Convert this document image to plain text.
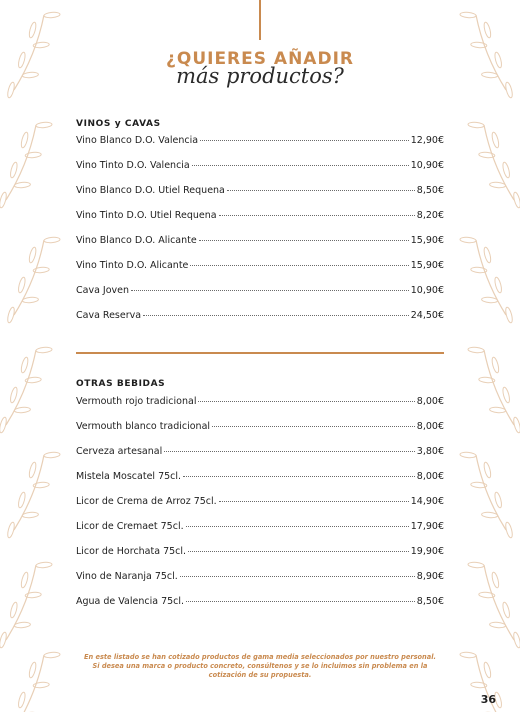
¿QUIERES AÑADIR
más productos?
VINOS y CAVAS
Vino Blanco D.O. Valencia	12,90€
Vino Tinto D.O. Valencia	10,90€
Vino Blanco D.O. Utiel Requena	8,50€
Vino Tinto D.O. Utiel Requena	8,20€
Vino Blanco D.O. Alicante	15,90€
Vino Tinto D.O. Alicante	15,90€
Cava Joven	10,90€
Cava Reserva	24,50€
OTRAS BEBIDAS
Vermouth rojo tradicional	8,00€
Vermouth blanco tradicional	8,00€
Cerveza artesanal	3,80€
Mistela Moscatel 75cl.	8,00€
Licor de Crema de Arroz 75cl.	14,90€
Licor de Cremaet 75cl.	17,90€
Licor de Horchata 75cl.	19,90€
Vino de Naranja 75cl.	8,90€
Agua de Valencia 75cl.	8,50€
En este listado se han cotizado productos de gama media seleccionados por nuestro personal. Si desea una marca o producto concreto, consúltenos y se lo incluimos sin problema en la cotización de su propuesta.
36
